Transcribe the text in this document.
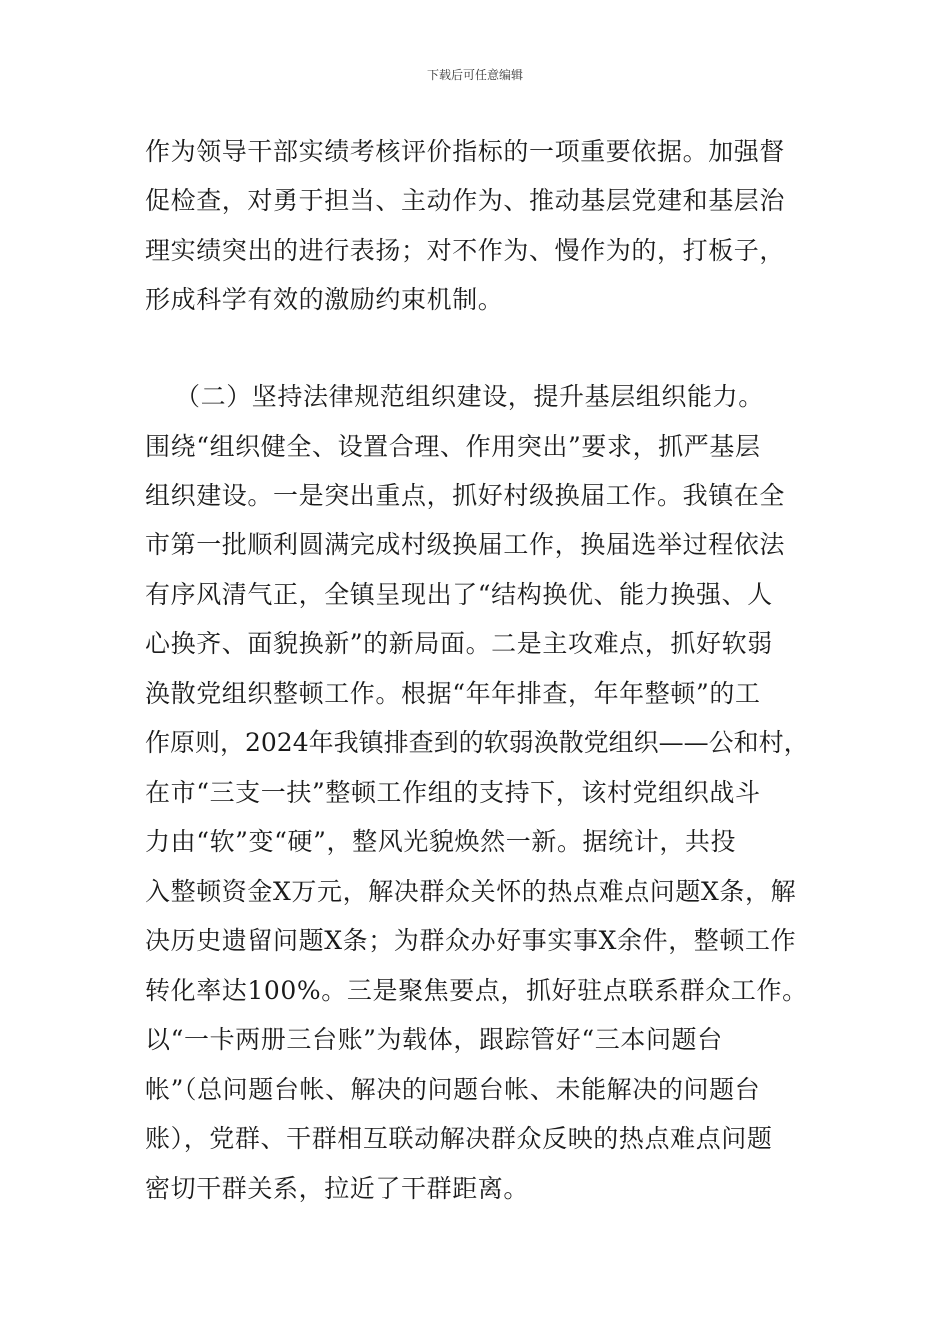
下载后可任意编辑
作为领导干部实绩考核评价指标的一项重要依据。加强督
促检查，对勇于担当、主动作为、推动基层党建和基层治
理实绩突出的进行表扬；对不作为、慢作为的，打板子，
形成科学有效的激励约束机制。
（二）坚持法律规范组织建设，提升基层组织能力。
围绕“组织健全、设置合理、作用突出”要求，抓严基层
组织建设。一是突出重点，抓好村级换届工作。我镇在全
市第一批顺利圆满完成村级换届工作，换届选举过程依法
有序风清气正，全镇呈现出了“结构换优、能力换强、人
心换齐、面貌换新”的新局面。二是主攻难点，抓好软弱
涣散党组织整顿工作。根据“年年排查，年年整顿”的工
作原则，2024年我镇排查到的软弱涣散党组织——公和村，
在市“三支一扶”整顿工作组的支持下，该村党组织战斗
力由“软”变“硬”，整风光貌焕然一新。据统计，共投
入整顿资金X万元，解决群众关怀的热点难点问题X条，解
决历史遗留问题X条；为群众办好事实事X余件，整顿工作
转化率达100%。三是聚焦要点，抓好驻点联系群众工作。
以“一卡两册三台账”为载体，跟踪管好“三本问题台
帐”（总问题台帐、解决的问题台帐、未能解决的问题台
账），党群、干群相互联动解决群众反映的热点难点问题
密切干群关系，拉近了干群距离。
